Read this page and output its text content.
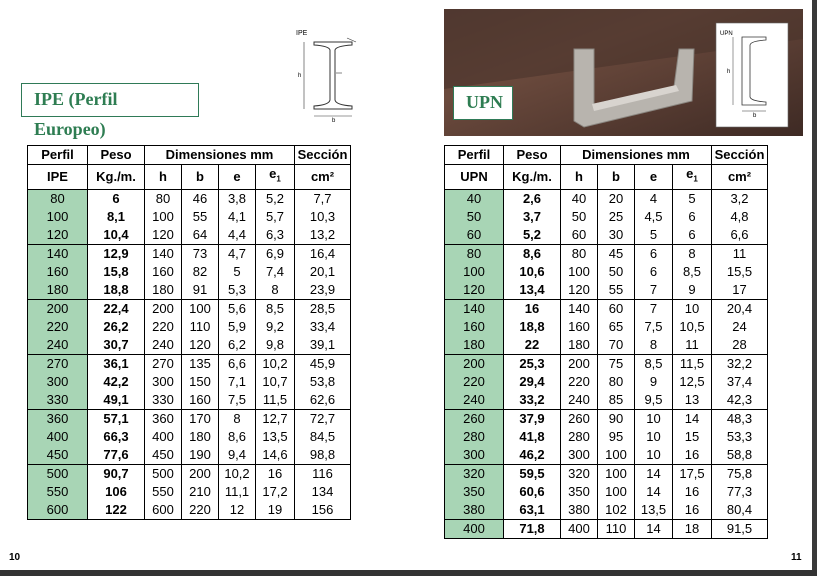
IPE (Perfil Europeo)
IPE
h
b
Perfil	Peso	Dimensiones mm				Sección
IPE	Kg./m.	h	b	e	$e_1$	cm²
80	6	80	46	3,8	5,2	7,7
100	8,1	100	55	4,1	5,7	10,3
120	10,4	120	64	4,4	6,3	13,2
140	12,9	140	73	4,7	6,9	16,4
160	15,8	160	82	5	7,4	20,1
180	18,8	180	91	5,3	8	23,9
200	22,4	200	100	5,6	8,5	28,5
220	26,2	220	110	5,9	9,2	33,4
240	30,7	240	120	6,2	9,8	39,1
270	36,1	270	135	6,6	10,2	45,9
300	42,2	300	150	7,1	10,7	53,8
330	49,1	330	160	7,5	11,5	62,6
360	57,1	360	170	8	12,7	72,7
400	66,3	400	180	8,6	13,5	84,5
450	77,6	450	190	9,4	14,6	98,8
500	90,7	500	200	10,2	16	116
550	106	550	210	11,1	17,2	134
600	122	600	220	12	19	156
10
UPN
h
b
UPN
Perfil	Peso	Dimensiones mm				Sección
UPN	Kg./m.	h	b	e	$e_1$	cm²
40	2,6	40	20	4	5	3,2
50	3,7	50	25	4,5	6	4,8
60	5,2	60	30	5	6	6,6
80	8,6	80	45	6	8	11
100	10,6	100	50	6	8,5	15,5
120	13,4	120	55	7	9	17
140	16	140	60	7	10	20,4
160	18,8	160	65	7,5	10,5	24
180	22	180	70	8	11	28
200	25,3	200	75	8,5	11,5	32,2
220	29,4	220	80	9	12,5	37,4
240	33,2	240	85	9,5	13	42,3
260	37,9	260	90	10	14	48,3
280	41,8	280	95	10	15	53,3
300	46,2	300	100	10	16	58,8
320	59,5	320	100	14	17,5	75,8
350	60,6	350	100	14	16	77,3
380	63,1	380	102	13,5	16	80,4
400	71,8	400	110	14	18	91,5
11
